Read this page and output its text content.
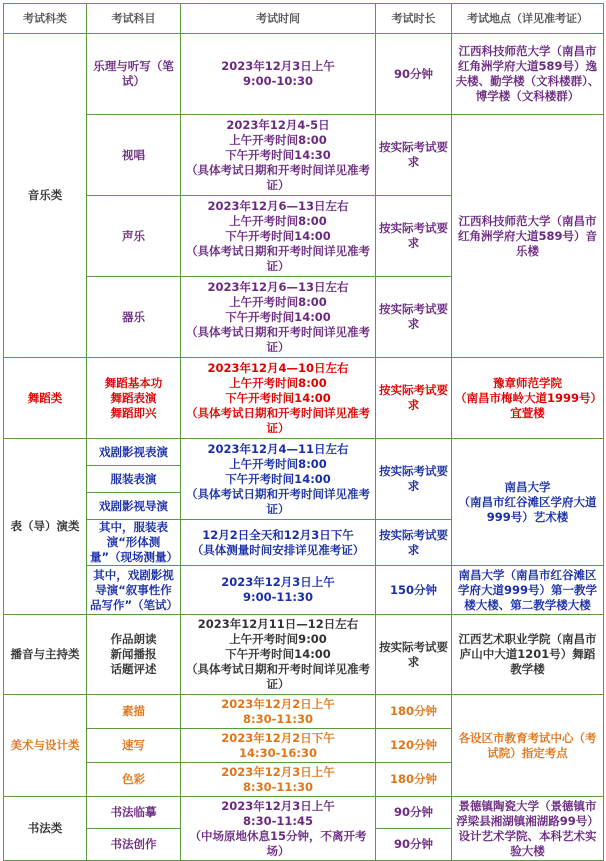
考试科类	考试科目	考试时间	考试时长	考试地点（详见准考证）
音乐类	乐理与听写（笔试）	2023年12月3日上午
9:00-10:30	90分钟	江西科技师范大学（南昌市红角洲学府大道589号）逸夫楼、勤学楼（文科楼群）、博学楼（文科楼群）
	视唱	2023年12月4-5日
上午开考时间8:00
下午开考时间14:30
（具体考试日期和开考时间详见准考证）	按实际考试要求	江西科技师范大学（南昌市红角洲学府大道589号）音乐楼
	声乐	2023年12月6—13日左右
上午开考时间8:00
下午开考时间14:00
（具体考试日期和开考时间详见准考证）	按实际考试要求	
	器乐	2023年12月6—13日左右
上午开考时间8:00
下午开考时间14:00
（具体考试日期和开考时间详见准考证）	按实际考试要求	
舞蹈类	舞蹈基本功
舞蹈表演
舞蹈即兴	2023年12月4—10日左右
上午开考时间8:00
下午开考时间14:00
（具体考试日期和开考时间详见准考证）	按实际考试要求	豫章师范学院
（南昌市梅岭大道1999号）
宜萱楼

表（导）演类	戏剧影视表演	2023年12月4—11日左右
上午开考时间8:00
下午开考时间14:00
（具体考试日期和开考时间详见准考证）	按实际考试要求	南昌大学
（南昌市红谷滩区学府大道999号）艺术楼

	服装表演			
	戏剧影视导演			
	其中，服装表演“形体测量”（现场测量）	12月2日全天和12月3日下午
（具体测量时间安排详见准考证）	按实际考试要求	
	其中，戏剧影视导演“叙事性作品写作”（笔试）	2023年12月3日上午
9:00-11:30	150分钟	南昌大学（南昌市红谷滩区学府大道999号）第一教学楼大楼、第二教学楼大楼
播音与主持类	作品朗读
新闻播报
话题评述	2023年12月11日—12日左右
上午开考时间9:00
下午开考时间14:00
（具体考试日期和开考时间详见准考证）	按实际考试要求	江西艺术职业学院（南昌市庐山中大道1201号）舞蹈教学楼
美术与设计类	素描	2023年12月2日上午
8:30-11:30	180分钟	各设区市教育考试中心（考试院）指定考点
	速写	2023年12月2日下午
14:30-16:30	120分钟	
	色彩	2023年12月3日上午
8:30-11:30	180分钟	
书法类	书法临摹	2023年12月3日上午
8:30-11:45
（中场原地休息15分钟，不离开考场）	90分钟	景德镇陶瓷大学（景德镇市浮梁县湘湖镇湘湖路99号）设计艺术学院、本科艺术实验大楼
	书法创作		90分钟	
